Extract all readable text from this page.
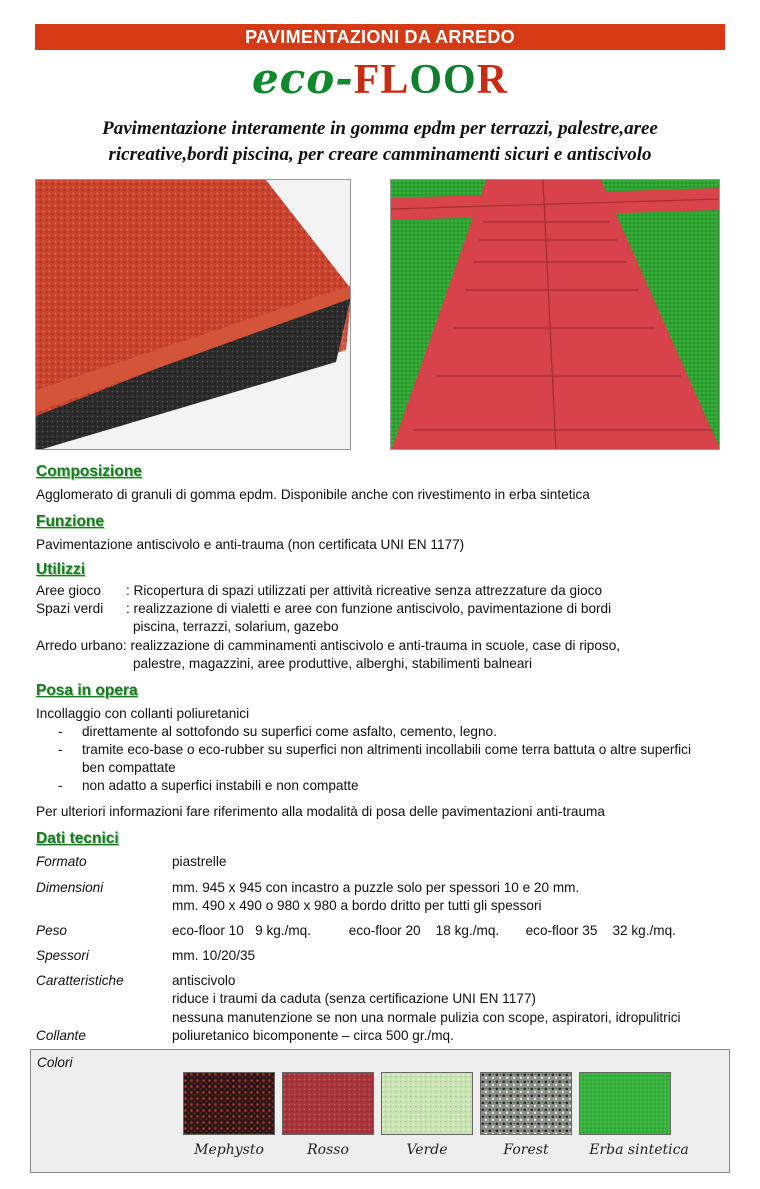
PAVIMENTAZIONI DA ARREDO
eco-FLOOR
Pavimentazione interamente in gomma epdm per terrazzi, palestre,aree
ricreative,bordi piscina, per creare camminamenti sicuri e antiscivolo
Composizione
Agglomerato di granuli di gomma epdm. Disponibile anche con rivestimento in erba sintetica
Funzione
Pavimentazione antiscivolo e anti-trauma (non certificata UNI EN 1177)
Utilizzi
Aree gioco : Ricopertura di spazi utilizzati per attività ricreative senza attrezzature da gioco
Spazi verdi : realizzazione di vialetti e aree con funzione antiscivolo, pavimentazione di bordi
piscina, terrazzi, solarium, gazebo
Arredo urbano: realizzazione di camminamenti antiscivolo e anti-trauma in scuole, case di riposo,
palestre, magazzini, aree produttive, alberghi, stabilimenti balneari
Posa in opera
Incollaggio con collanti poliuretanici
- direttamente al sottofondo su superfici come asfalto, cemento, legno.
- tramite eco-base o eco-rubber su superfici non altrimenti incollabili come terra battuta o altre superfici
ben compattate
- non adatto a superfici instabili e non compatte
Per ulteriori informazioni fare riferimento alla modalità di posa delle pavimentazioni anti-trauma
Dati tecnici
Formato	piastrelle
Dimensioni	mm. 945 x 945 con incastro a puzzle solo per spessori 10 e 20 mm.
mm. 490 x 490 o 980 x 980 a bordo dritto per tutti gli spessori
Peso	eco-floor 10   9 kg./mq.          eco-floor 20    18 kg./mq.       eco-floor 35    32 kg./mq.
Spessori	mm. 10/20/35
Caratteristiche	antiscivolo
riduce i traumi da caduta (senza certificazione UNI EN 1177)
nessuna manutenzione se non una normale pulizia con scope, aspiratori, idropulitrici
Collante	poliuretanico bicomponente – circa 500 gr./mq.
Colori
Mephysto	Rosso	Verde	Forest	Erba sintetica
